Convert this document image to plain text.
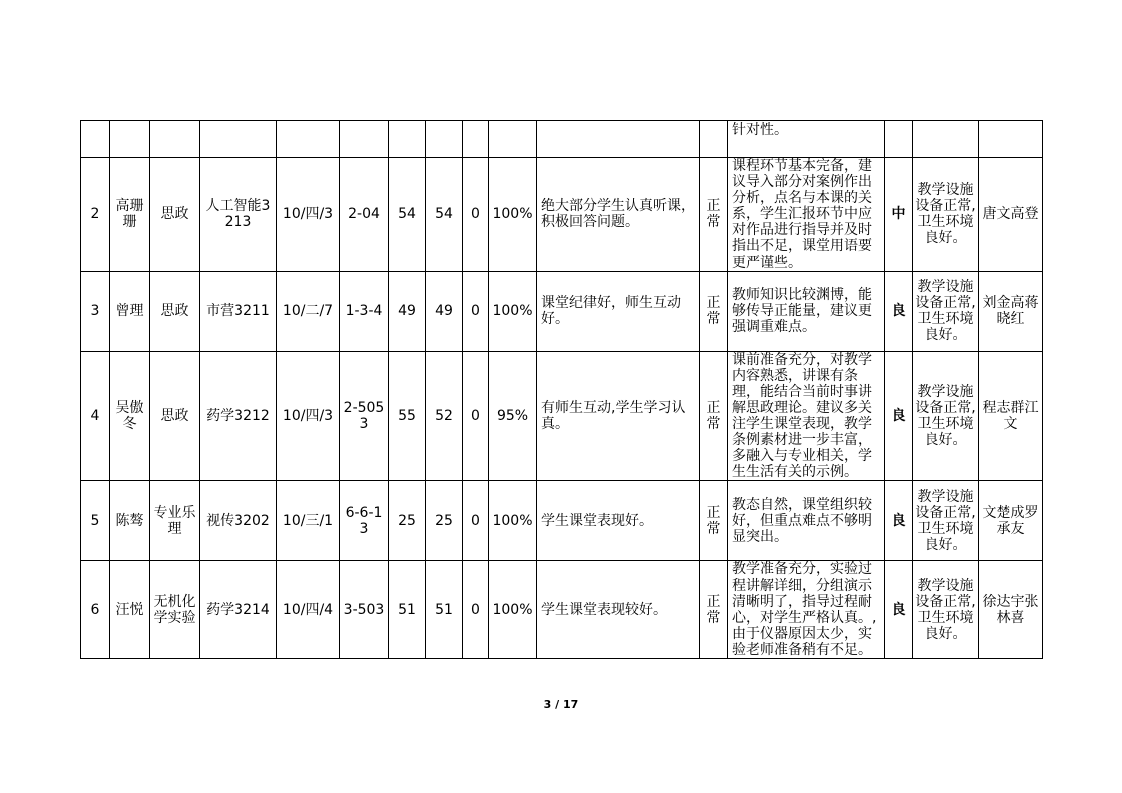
												针对性。			
2	高珊珊	思政	人工智能3213	10/四/3	2-04	54	54	0	100%	绝大部分学生认真听课，积极回答问题。	正常	课程环节基本完备，建议导入部分对案例作出分析，点名与本课的关系，学生汇报环节中应对作品进行指导并及时指出不足，课堂用语要更严谨些。	中	教学设施设备正常,卫生环境良好。	唐文高登
3	曾理	思政	市营3211	10/二/7	1-3-4	49	49	0	100%	课堂纪律好，师生互动好。	正常	教师知识比较渊博，能够传导正能量，建议更强调重难点。	良	教学设施设备正常,卫生环境良好。	刘金高蒋晓红
4	吴傲冬	思政	药学3212	10/四/3	2-5053	55	52	0	95%	有师生互动,学生学习认真。	正常	课前准备充分，对教学内容熟悉，讲课有条理，能结合当前时事讲解思政理论。建议多关注学生课堂表现，教学条例素材进一步丰富，多融入与专业相关，学生生活有关的示例。	良	教学设施设备正常,卫生环境良好。	程志群江文
5	陈骜	专业乐理	视传3202	10/三/1	6-6-13	25	25	0	100%	学生课堂表现好。	正常	教态自然，课堂组织较好，但重点难点不够明显突出。	良	教学设施设备正常,卫生环境良好。	文楚成罗承友
6	汪悦	无机化学实验	药学3214	10/四/4	3-503	51	51	0	100%	学生课堂表现较好。	正常	教学准备充分，实验过程讲解详细，分组演示清晰明了，指导过程耐心，对学生严格认真。,由于仪器原因太少，实验老师准备稍有不足。	良	教学设施设备正常,卫生环境良好。	徐达宇张林喜
3 / 17
